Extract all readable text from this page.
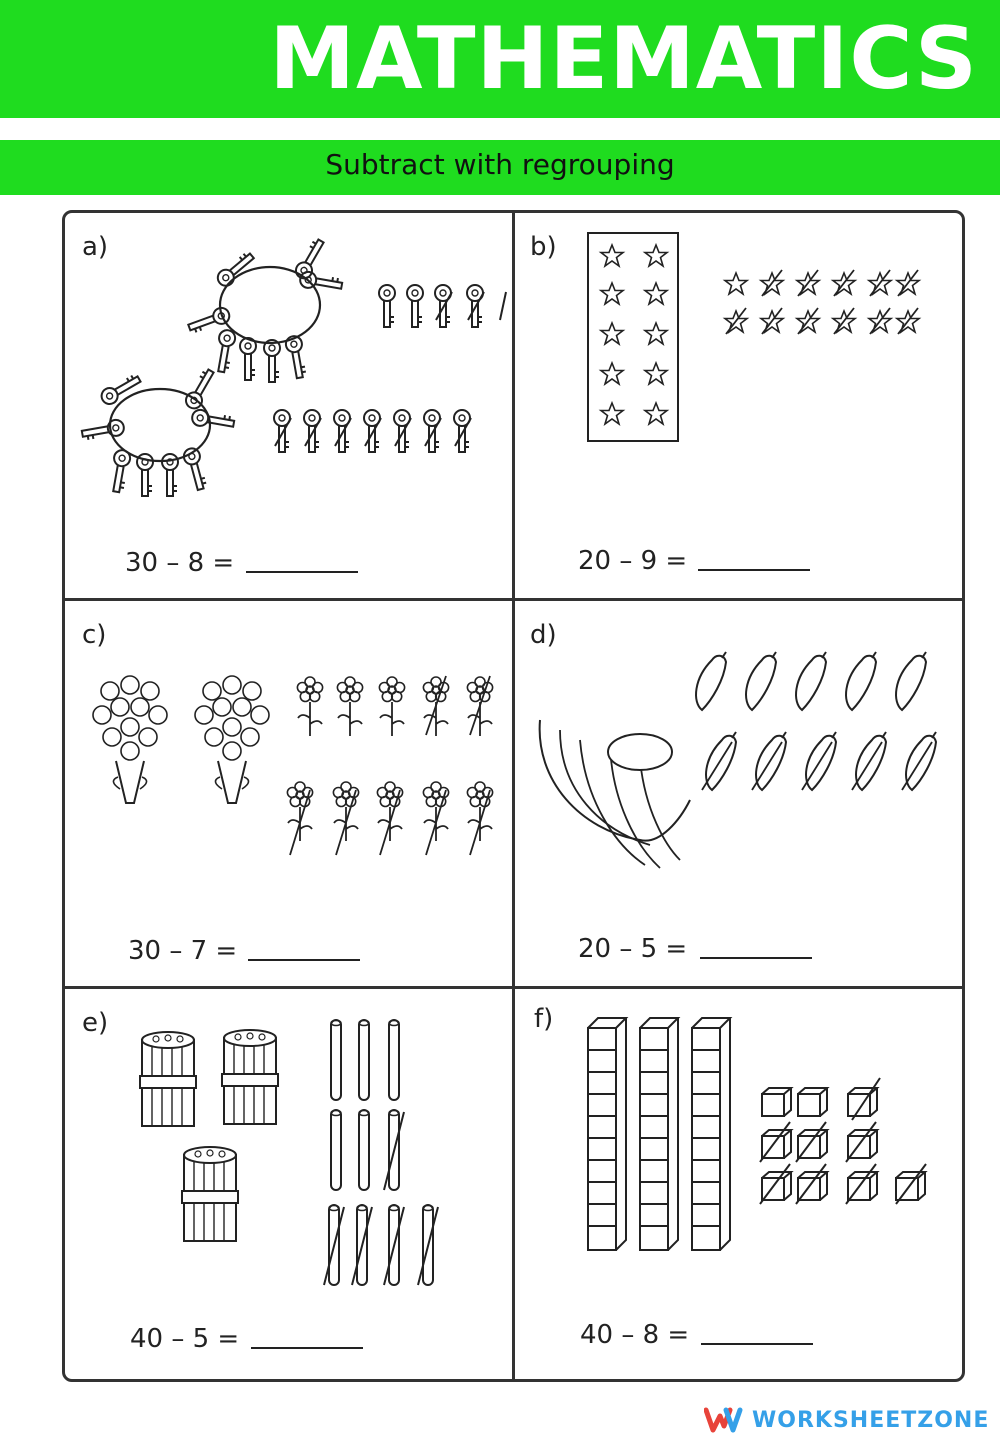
MATHEMATICS
Subtract with regrouping
a)	b)
c)	d)
e)	f)
30 – 8 =	20 – 9 =
30 – 7 =	20 – 5 =
40 – 5 =	40 – 8 =
WORKSHEETZONE
